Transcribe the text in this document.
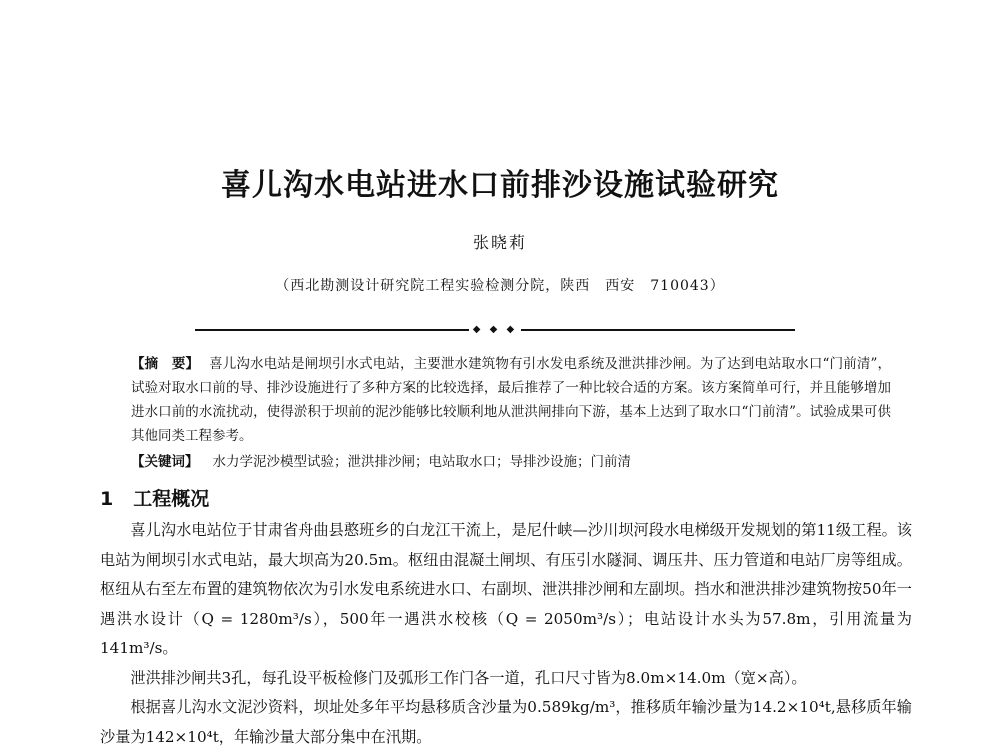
喜儿沟水电站进水口前排沙设施试验研究
张晓莉
（西北勘测设计研究院工程实验检测分院，陕西　西安　710043）
◆ ◆ ◆
【摘　要】 喜儿沟水电站是闸坝引水式电站，主要泄水建筑物有引水发电系统及泄洪排沙闸。为了达到电站取水口“门前清”，试验对取水口前的导、排沙设施进行了多种方案的比较选择，最后推荐了一种比较合适的方案。该方案简单可行，并且能够增加进水口前的水流扰动，使得淤积于坝前的泥沙能够比较顺利地从泄洪闸排向下游，基本上达到了取水口“门前清”。试验成果可供其他同类工程参考。
【关键词】 水力学泥沙模型试验；泄洪排沙闸；电站取水口；导排沙设施；门前清
1 工程概况

喜儿沟水电站位于甘肃省舟曲县憨班乡的白龙江干流上，是尼什峡—沙川坝河段水电梯级开发规划的第11级工程。该电站为闸坝引水式电站，最大坝高为20.5m。枢纽由混凝土闸坝、有压引水隧洞、调压井、压力管道和电站厂房等组成。枢纽从右至左布置的建筑物依次为引水发电系统进水口、右副坝、泄洪排沙闸和左副坝。挡水和泄洪排沙建筑物按50年一遇洪水设计（Q = 1280m³/s），500年一遇洪水校核（Q = 2050m³/s）；电站设计水头为57.8m，引用流量为141m³/s。

泄洪排沙闸共3孔，每孔设平板检修门及弧形工作门各一道，孔口尺寸皆为8.0m×14.0m（宽×高）。

根据喜儿沟水文泥沙资料，坝址处多年平均悬移质含沙量为0.589kg/m³，推移质年输沙量为14.2×10⁴t,悬移质年输沙量为142×10⁴t，年输沙量大部分集中在汛期。
